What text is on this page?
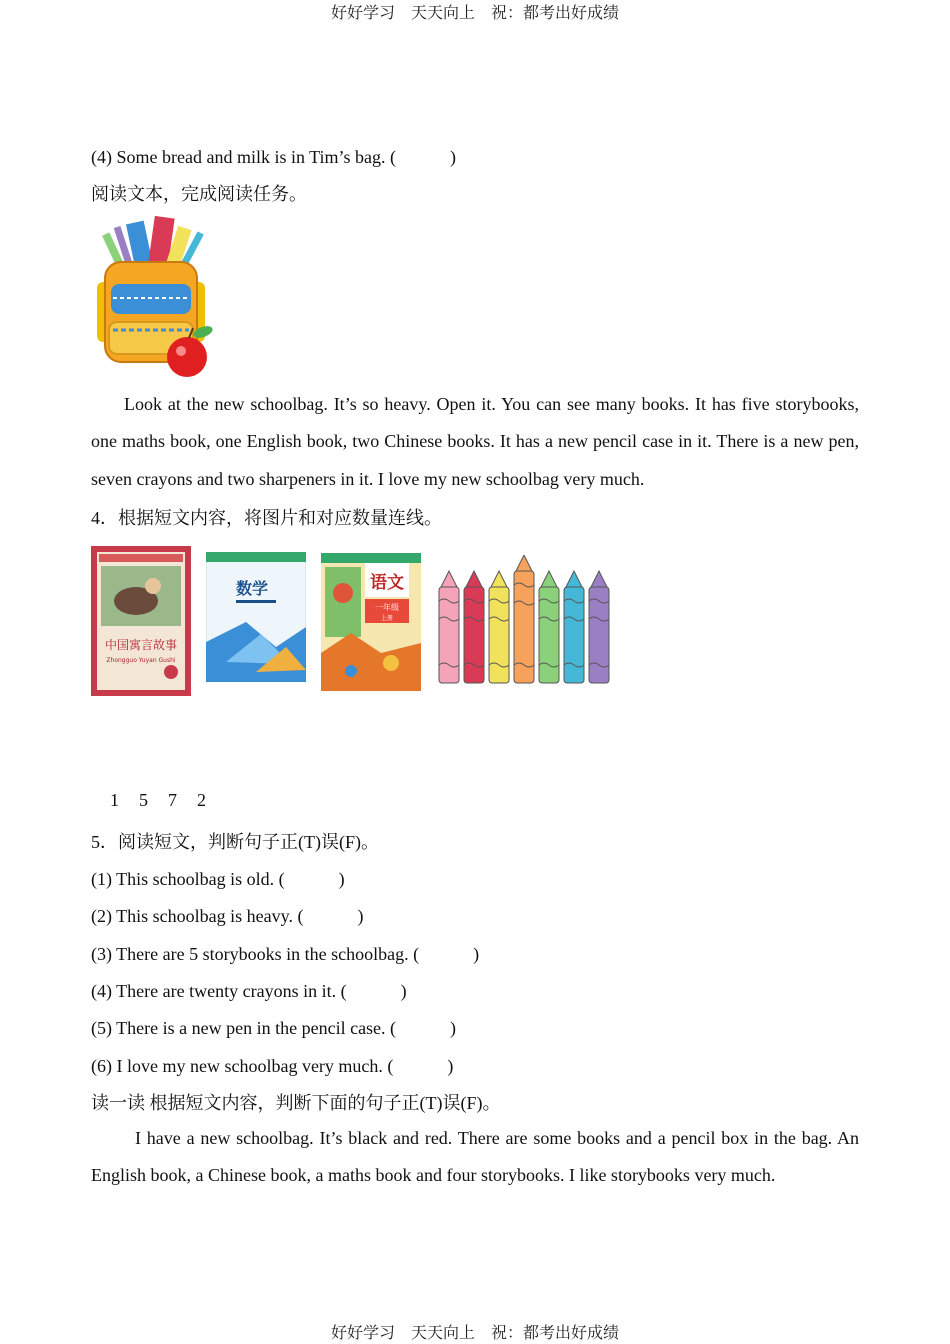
好好学习　天天向上　祝：都考出好成绩
(4) Some bread and milk is in Tim’s bag. (　　　)
阅读文本，完成阅读任务。

Look at the new schoolbag. It’s so heavy. Open it. You can see many books. It has five storybooks, one maths book, one English book, two Chinese books. It has a new pencil case in it. There is a new pen, seven crayons and two sharpeners in it. I love my new schoolbag very much.

4．根据短文内容，将图片和对应数量连线。
中国寓言故事
Zhongguo Yuyan Gushi
数学	语文
一年级
上册
1 5 7 2
5．阅读短文，判断句子正(T)误(F)。
(1) This schoolbag is old. (　　　)
(2) This schoolbag is heavy. (　　　)
(3) There are 5 storybooks in the schoolbag. (　　　)
(4) There are twenty crayons in it. (　　　)
(5) There is a new pen in the pencil case. (　　　)
(6) I love my new schoolbag very much. (　　　)
读一读 根据短文内容，判断下面的句子正(T)误(F)。

I have a new schoolbag. It’s black and red. There are some books and a pencil box in the bag. An English book, a Chinese book, a maths book and four storybooks. I like storybooks very much.

好好学习　天天向上　祝：都考出好成绩
